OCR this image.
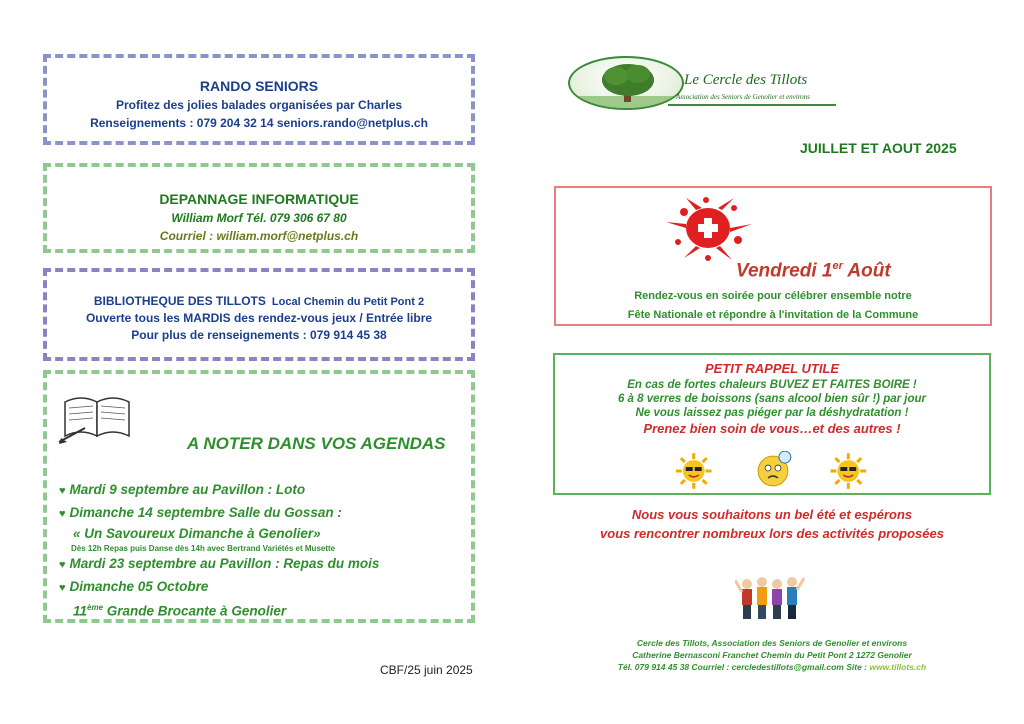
RANDO SENIORS
Profitez des jolies balades organisées par Charles
Renseignements : 079 204 32 14 seniors.rando@netplus.ch
DEPANNAGE INFORMATIQUE
William Morf Tél. 079 306 67 80
Courriel : william.morf@netplus.ch
BIBLIOTHEQUE DES TILLOTS Local Chemin du Petit Pont 2
Ouverte tous les MARDIS des rendez-vous jeux / Entrée libre
Pour plus de renseignements : 079 914 45 38
A NOTER DANS VOS AGENDAS
♥ Mardi 9 septembre au Pavillon : Loto
♥ Dimanche 14 septembre Salle du Gossan :
« Un Savoureux Dimanche à Genolier»
Dès 12h Repas puis Danse dès 14h avec Bertrand Variétés et Musette
♥ Mardi 23 septembre au Pavillon : Repas du mois
♥ Dimanche 05 Octobre
11ème Grande Brocante à Genolier
CBF/25 juin 2025
Le Cercle des Tillots
Association des Seniors de Genolier et environs
JUILLET ET AOUT 2025
Vendredi 1er Août
Rendez-vous en soirée pour célébrer ensemble notre
Fête Nationale et répondre à l'invitation de la Commune
PETIT RAPPEL UTILE
En cas de fortes chaleurs BUVEZ ET FAITES BOIRE !
6 à 8 verres de boissons (sans alcool bien sûr !) par jour
Ne vous laissez pas piéger par la déshydratation !
Prenez bien soin de vous…et des autres !
Nous vous souhaitons un bel été et espérons
vous rencontrer nombreux lors des activités proposées
Cercle des Tillots, Association des Seniors de Genolier et environs
Catherine Bernasconi Franchet Chemin du Petit Pont 2 1272 Genolier
Tél. 079 914 45 38 Courriel : cercledestillots@gmail.com Site : www.tillots.ch
